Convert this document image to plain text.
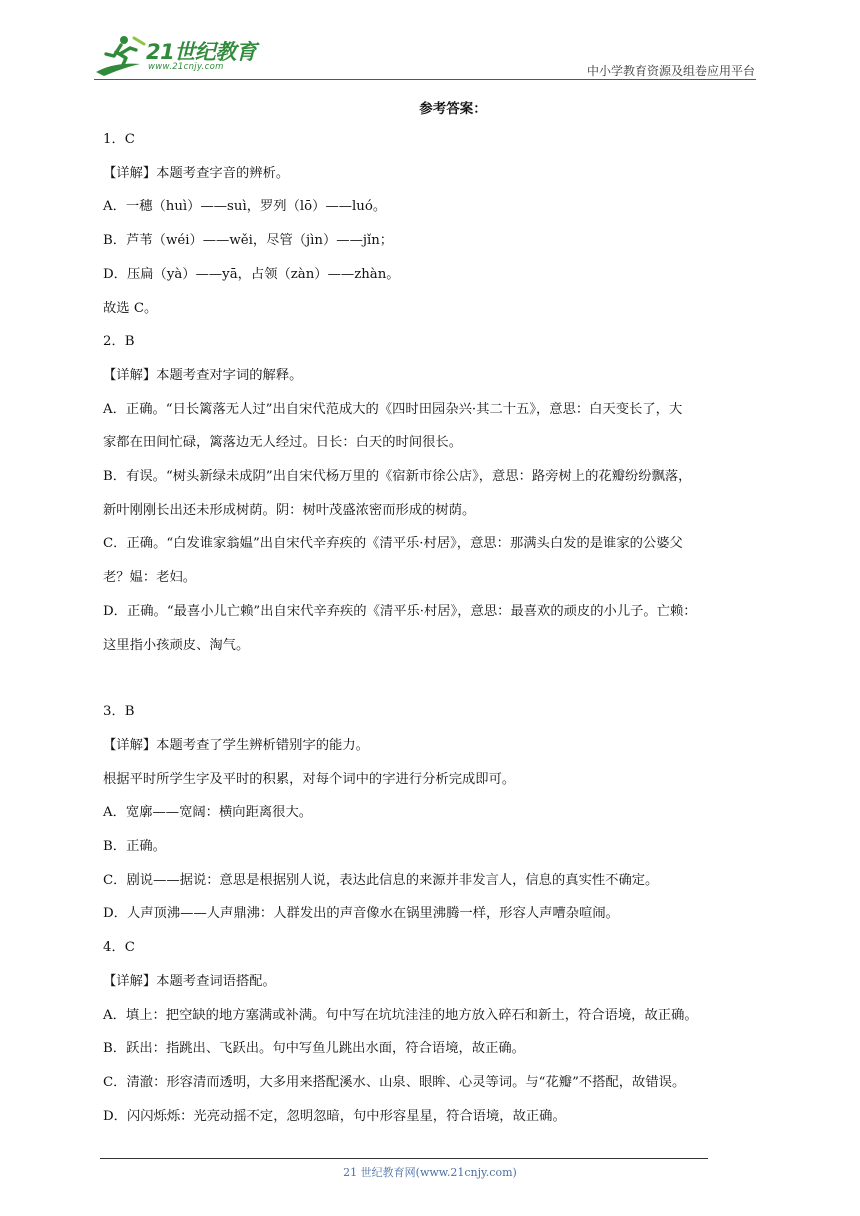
21世纪教育
www.21cnjy.com	中小学教育资源及组卷应用平台
参考答案：
1．C
【详解】本题考查字音的辨析。
A．一穗（huì）——suì，罗列（lō）——luó。
B．芦苇（wéi）——wěi，尽管（jìn）——jǐn；
D．压扁（yà）——yā，占领（zàn）——zhàn。
故选 C。
2．B
【详解】本题考查对字词的解释。
A．正确。“日长篱落无人过”出自宋代范成大的《四时田园杂兴·其二十五》，意思：白天变长了，大
家都在田间忙碌，篱落边无人经过。日长：白天的时间很长。
B．有误。“树头新绿未成阴”出自宋代杨万里的《宿新市徐公店》，意思：路旁树上的花瓣纷纷飘落，
新叶刚刚长出还未形成树荫。阴：树叶茂盛浓密而形成的树荫。
C．正确。“白发谁家翁媪”出自宋代辛弃疾的《清平乐·村居》，意思：那满头白发的是谁家的公婆父
老？媪：老妇。
D．正确。“最喜小儿亡赖”出自宋代辛弃疾的《清平乐·村居》，意思：最喜欢的顽皮的小儿子。亡赖：
这里指小孩顽皮、淘气。
3．B
【详解】本题考查了学生辨析错别字的能力。
根据平时所学生字及平时的积累，对每个词中的字进行分析完成即可。
A．宽廓——宽阔：横向距离很大。
B．正确。
C．剧说——据说：意思是根据别人说，表达此信息的来源并非发言人，信息的真实性不确定。
D．人声顶沸——人声鼎沸：人群发出的声音像水在锅里沸腾一样，形容人声嘈杂喧闹。
4．C
【详解】本题考查词语搭配。
A．填上：把空缺的地方塞满或补满。句中写在坑坑洼洼的地方放入碎石和新土，符合语境，故正确。
B．跃出：指跳出、飞跃出。句中写鱼儿跳出水面，符合语境，故正确。
C．清澈：形容清而透明，大多用来搭配溪水、山泉、眼眸、心灵等词。与“花瓣”不搭配，故错误。
D．闪闪烁烁：光亮动摇不定，忽明忽暗，句中形容星星，符合语境，故正确。
21 世纪教育网(www.21cnjy.com)
